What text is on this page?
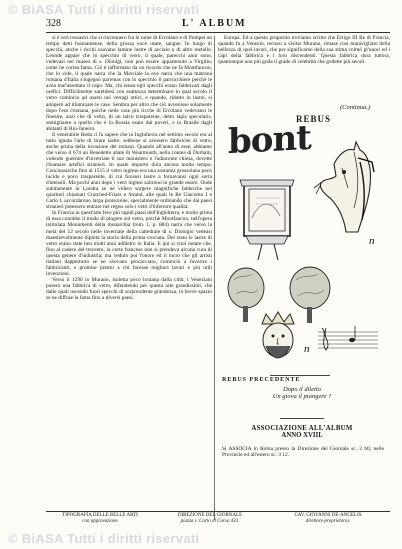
© BiASA Tutti i diritti riservati
328	L' ALBUM

si è ceri rossastri che si rinvennero fra le ruine di Ercolano e di Pompei un tempo detti buonamense, della grossa voce usate, sangue. In luogo di specchi, anche i ricchi usavano lamine lustre di acciaio o di altro metallo. Leonde appare che lo specchio di vetro, il quale, parecchi anni sono, vedevasi nel museo di s. Dionigi, non può essere appartenuto a Virgilio, come ne correa fama. Ciò è rafformato da un ricordo che ne fa Montfaucon, che lo vide, il quale narra che la Merciale la ove narra che una matrona romana d'Italia s'ingegnò parrenas con lo specchio il parrucchiere perchè le avea mal'assettato il capo. Ma, chi tenea egli specchi erano fabbricati dagli orefici. Difficilmente sarebbesi con esattezza determinare in qual secolo il vetro comincio ad usarsi nei vetragi ottici, e quando, ridotto in lastre, si adoperò ad illuminare le case. Sembra per altro che ciò avvenisse solamente dopo l'era cristiana, poiche nelle case più ricche di Ercolano vedevansi le finestre, anzi che di vetro, di un talco trasparente, detto lapis specularis, somigliante a quello che è in Russia usato dai poveri, e in Brasile dagli abitanti di Rio-Janeiro.

Il venerabile Beda ci fa sapere che in Inghilterra nel settimo secolo era al tutto ignota l'arte di tirare lastre, sebbene si avessero fabbriche di vetro, anche prima della invasione dei romani. Quando all'anno di esse, abbiamo che verso il 674 un Benedetto abate di Wearmouth, nella contea di Durham, volendo guernire d'invetriate il suo monistero e l'adiacente chiesa, dovette chiamare artefici stranieri. In quale importo dura ancora molto tempo. Conciossiache fino al 1515 il vetro inglese era una sostanza grossolana poco lucido e poco trasparente, di cui fuvansi lastre a fornavansi ogni sorta d'utensili. Ma pochi anni dopo i vetri inglesi salirono in grande onore. Onde subitamente in Londra se ne videro sorgere magnifiche fabbriche nei quartieri chiamati Crutched-Friars e Strand, alle quali le Re Giacomo I e Carlo I, accordarono larga protezione, specialmente ordinando che dai paesi stranieri potessero entrare nel regno solo i vetri d'inferiore qualità.

In Francia in quest'arte fece più rapidi passi dell'Inghilterra, e molto prima di essa conobbe il modo di pingere sul vetro, poichè Montfaucon, nell'opera intitolata Monumenti della monarchia (tom. 1, p. 884) narra che verso la metà del 12 secolo nelle invetriate della cattedrale di s. Dionigio vedeasi maestrevolmente dipinta la storia della prima crociata. Del resto le lastre di vetro erano state ben molti anni addietro in Italia. E qui si vuol notare che, fino al cadere del trecento, la corte francese non si prendeva alcuna cura di questa genere d'industria; ma veduto poi l'onore ed il lucro che gli artisti italiani dappertutto se ne avevano procacciato, cominciò a favorire i fabbricanti, e promise premii a chi facesse migliori lavori e più utili invenzioni.

Verso il 1290 in Murano, isoletta poco lontana dalla città, i Veneziani posero una fabbrica di vetro, difendendo per questa arte grandissimi, che dalle quali uscendo fuori specchi di sorprendente grandezza, in breve spazio se ne diffuse la fama fino a diversi paesi.

Europa. Ed a questo proposito troviamo scritto che Errigo III Re di Francia, quando fu a Venezio, recossi a visitar Murano, rimase così maravigliato della bellezza di quei lavori, che per significarne della sua stima colmò gl'onori ed i capi della fabbrica e i loro discendenti. Questa fabbrica dura tuttora, quantunque non più goda il grado di celebrità che godette più secoli.

(Continua.)
REBUS
bont
n
n
REBUS PRECEDENTE
Dopo il diletto
Un giova il piangere ?
ASSOCIAZIONE ALL'ALBUM
ANNO XVIII.
Si ASSOCIA in Roma presso la Direzione del Giornale sc. 2 60; nelle Provincie ed all'estero sc. 3 12.
TIPOGRAFIA DELLE BELLE ARTI
con approvazione
DIREZIONE DEL GIORNALE
piazza s. Carlo al Corso 433.
CAV. GIOVANNI DE-ANGELIS
direttore-proprietario.
© BiASA Tutti i diritti riservati
